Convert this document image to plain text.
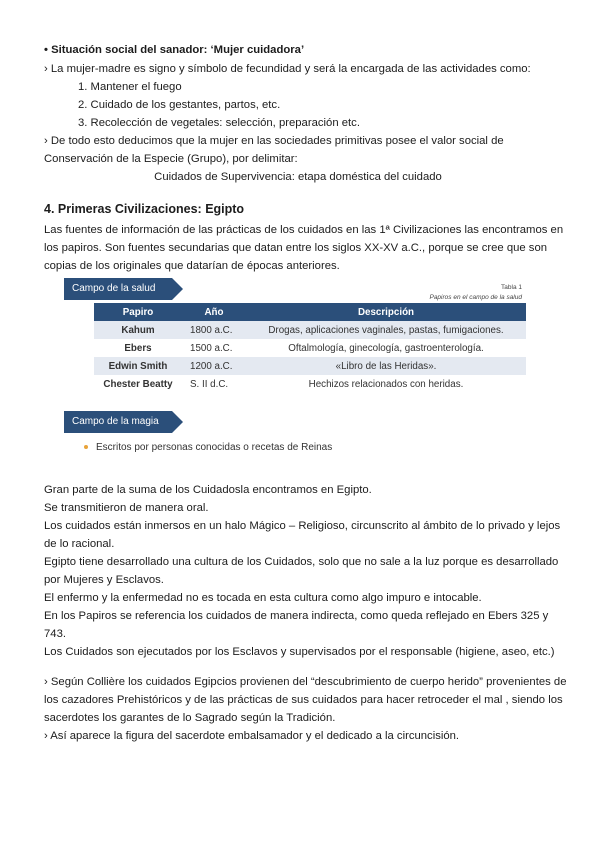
• Situación social del sanador: ‘Mujer cuidadora’
› La mujer-madre es signo y símbolo de fecundidad y será la encargada de las actividades como:
1. Mantener el fuego
2. Cuidado de los gestantes, partos, etc.
3. Recolección de vegetales: selección, preparación etc.
› De todo esto deducimos que la mujer en las sociedades primitivas posee el valor social de
Conservación de la Especie (Grupo), por delimitar:
Cuidados de Supervivencia: etapa doméstica del cuidado
4. Primeras Civilizaciones: Egipto
Las fuentes de información de las prácticas de los cuidados en las 1ª Civilizaciones las encontramos en
los papiros. Son fuentes secundarias que datan entre los siglos XX-XV a.C., porque se cree que son
copias de los originales que datarían de épocas anteriores.
Campo de la salud	Tabla 1
Papiros en el campo de la salud
Papiro	Año	Descripción
Kahum	1800 a.C.	Drogas, aplicaciones vaginales, pastas, fumigaciones.
Ebers	1500 a.C.	Oftalmología, ginecología, gastroenterología.
Edwin Smith	1200 a.C.	«Libro de las Heridas».
Chester Beatty	S. II d.C.	Hechizos relacionados con heridas.
Campo de la magia
Escritos por personas conocidas o recetas de Reinas
Gran parte de la suma de los Cuidadosla encontramos en Egipto.
Se transmitieron de manera oral.
Los cuidados están inmersos en un halo Mágico – Religioso, circunscrito al ámbito de lo privado y lejos
de lo racional.
Egipto tiene desarrollado una cultura de los Cuidados, solo que no sale a la luz porque es desarrollado
por Mujeres y Esclavos.
El enfermo y la enfermedad no es tocada en esta cultura como algo impuro e intocable.
En los Papiros se referencia los cuidados de manera indirecta, como queda reflejado en Ebers 325 y
743.
Los Cuidados son ejecutados por los Esclavos y supervisados por el responsable (higiene, aseo, etc.)
› Según Collière los cuidados Egipcios provienen del “descubrimiento de cuerpo herido” provenientes de
los cazadores Prehistóricos y de las prácticas de sus cuidados para hacer retroceder el mal , siendo los
sacerdotes los garantes de lo Sagrado según la Tradición.
› Así aparece la figura del sacerdote embalsamador y el dedicado a la circuncisión.
